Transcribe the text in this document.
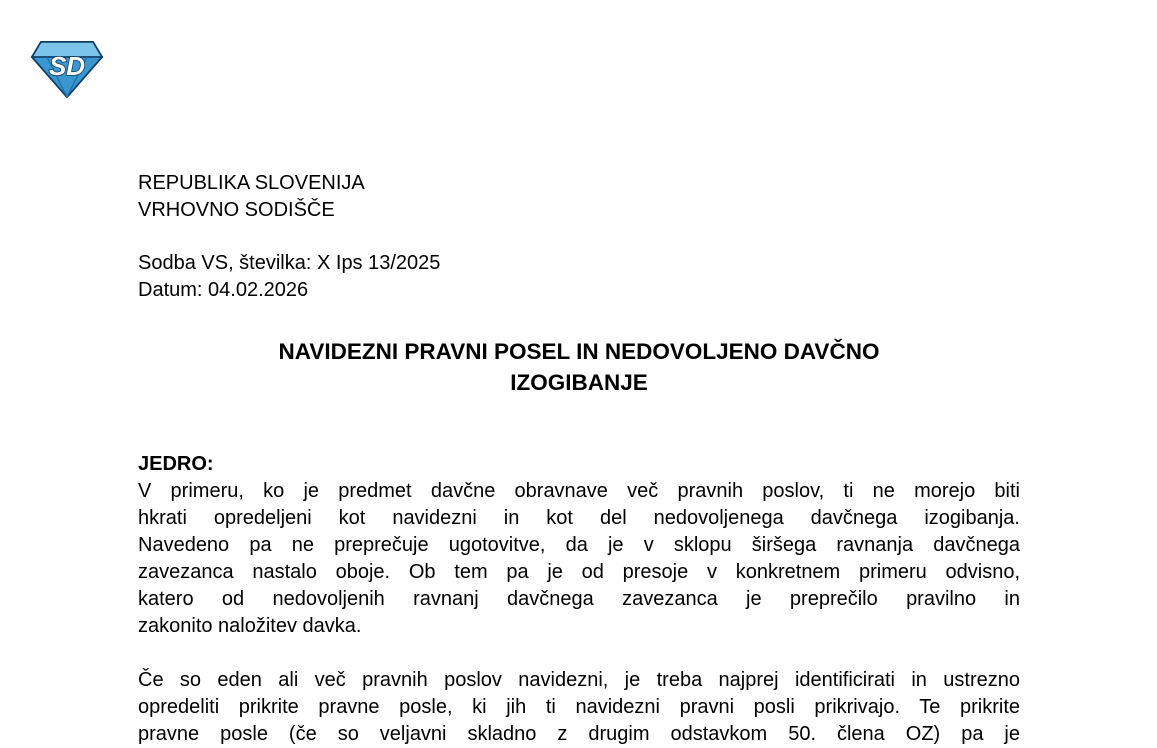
SD

REPUBLIKA SLOVENIJA

VRHOVNO SODIŠČE

Sodba VS, številka: X Ips 13/2025

Datum: 04.02.2026

NAVIDEZNI PRAVNI POSEL IN NEDOVOLJENO DAVČNO
IZOGIBANJE

JEDRO:

V primeru, ko je predmet davčne obravnave več pravnih poslov, ti ne morejo biti
hkrati opredeljeni kot navidezni in kot del nedovoljenega davčnega izogibanja.
Navedeno pa ne preprečuje ugotovitve, da je v sklopu širšega ravnanja davčnega
zavezanca nastalo oboje. Ob tem pa je od presoje v konkretnem primeru odvisno,
katero od nedovoljenih ravnanj davčnega zavezanca je preprečilo pravilno in
zakonito naložitev davka.

Če so eden ali več pravnih poslov navidezni, je treba najprej identificirati in ustrezno
opredeliti prikrite pravne posle, ki jih ti navidezni pravni posli prikrivajo. Te prikrite
pravne posle (če so veljavni skladno z drugim odstavkom 50. člena OZ) pa je
